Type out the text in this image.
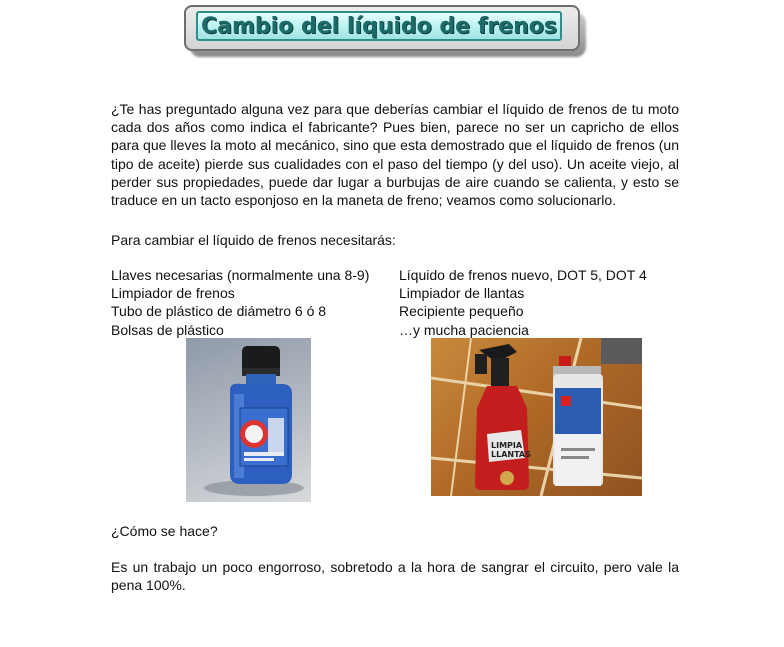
Cambio del líquido de frenos
¿Te has preguntado alguna vez para que deberías cambiar el líquido de frenos de tu moto cada dos años como indica el fabricante? Pues bien, parece no ser un capricho de ellos para que lleves la moto al mecánico, sino que esta demostrado que el líquido de frenos (un tipo de aceite) pierde sus cualidades con el paso del tiempo (y del uso). Un aceite viejo, al perder sus propiedades, puede dar lugar a burbujas de aire cuando se calienta, y esto se traduce en un tacto esponjoso en la maneta de freno; veamos como solucionarlo.
Para cambiar el líquido de frenos necesitarás:
Llaves necesarias (normalmente una 8-9)
Limpiador de frenos
Tubo de plástico de diámetro 6 ó 8
Bolsas de plástico
Líquido de frenos nuevo, DOT 5, DOT 4
Limpiador de llantas
Recipiente pequeño
…y mucha paciencia
LIMPIA
LLANTAS
¿Cómo se hace?
Es un trabajo un poco engorroso, sobretodo a la hora de sangrar el circuito, pero vale la pena 100%.
